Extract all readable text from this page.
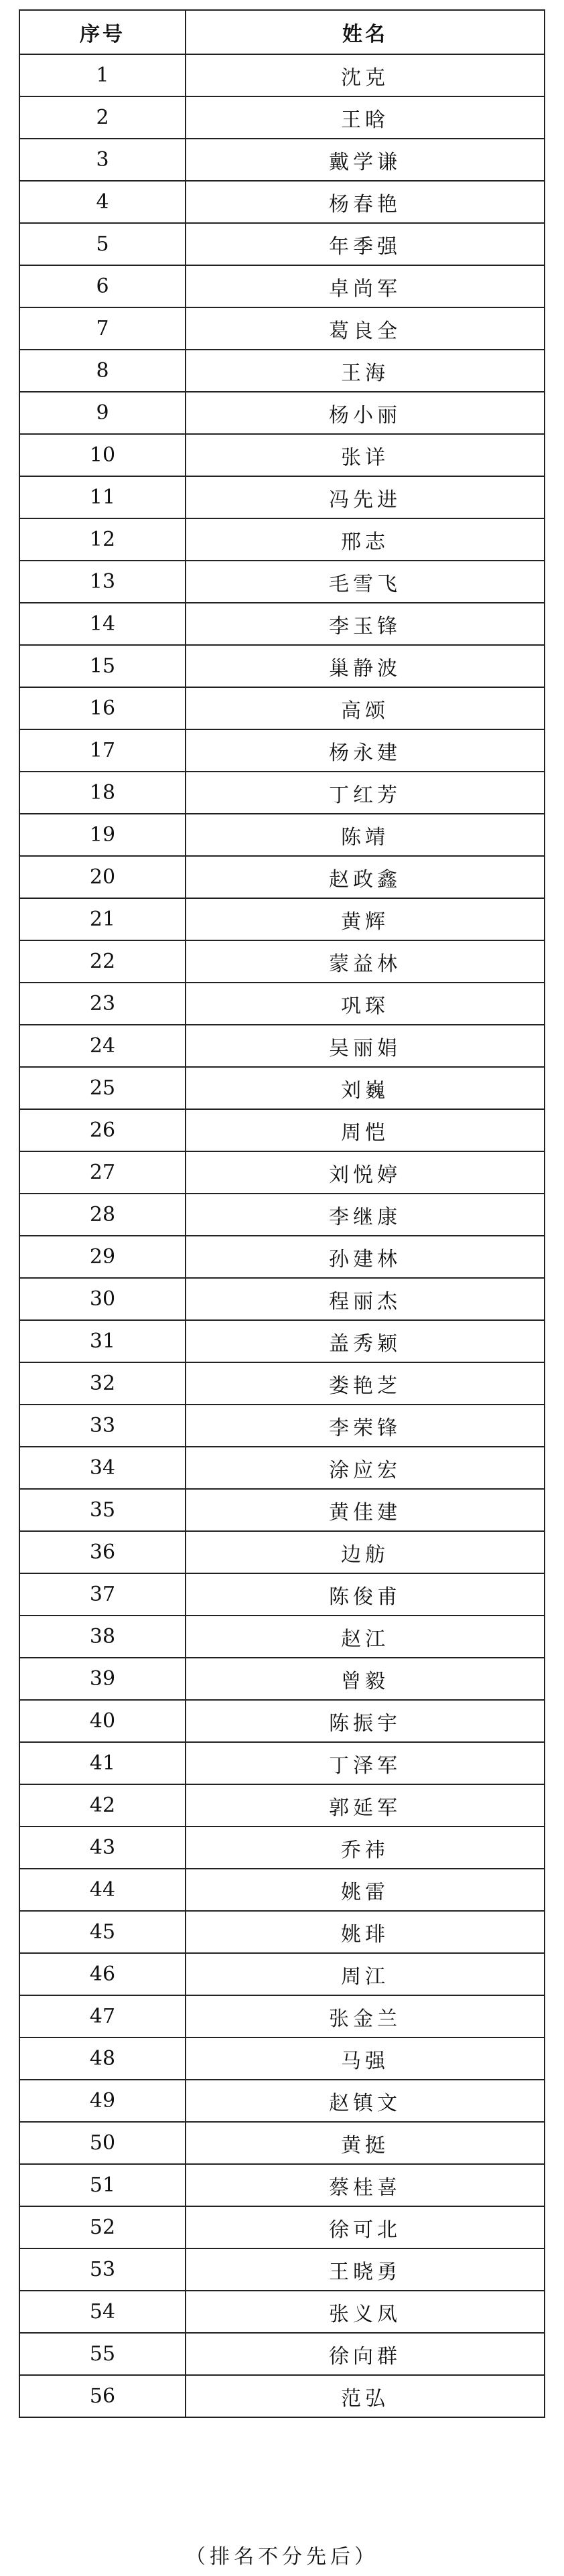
序号	姓名
1	沈克
2	王晗
3	戴学谦
4	杨春艳
5	年季强
6	卓尚军
7	葛良全
8	王海
9	杨小丽
10	张详
11	冯先进
12	邢志
13	毛雪飞
14	李玉锋
15	巢静波
16	高颂
17	杨永建
18	丁红芳
19	陈靖
20	赵政鑫
21	黄辉
22	蒙益林
23	巩琛
24	吴丽娟
25	刘巍
26	周恺
27	刘悦婷
28	李继康
29	孙建林
30	程丽杰
31	盖秀颖
32	娄艳芝
33	李荣锋
34	涂应宏
35	黄佳建
36	边舫
37	陈俊甫
38	赵江
39	曾毅
40	陈振宇
41	丁泽军
42	郭延军
43	乔祎
44	姚雷
45	姚琲
46	周江
47	张金兰
48	马强
49	赵镇文
50	黄挺
51	蔡桂喜
52	徐可北
53	王晓勇
54	张义凤
55	徐向群
56	范弘
（排名不分先后）
